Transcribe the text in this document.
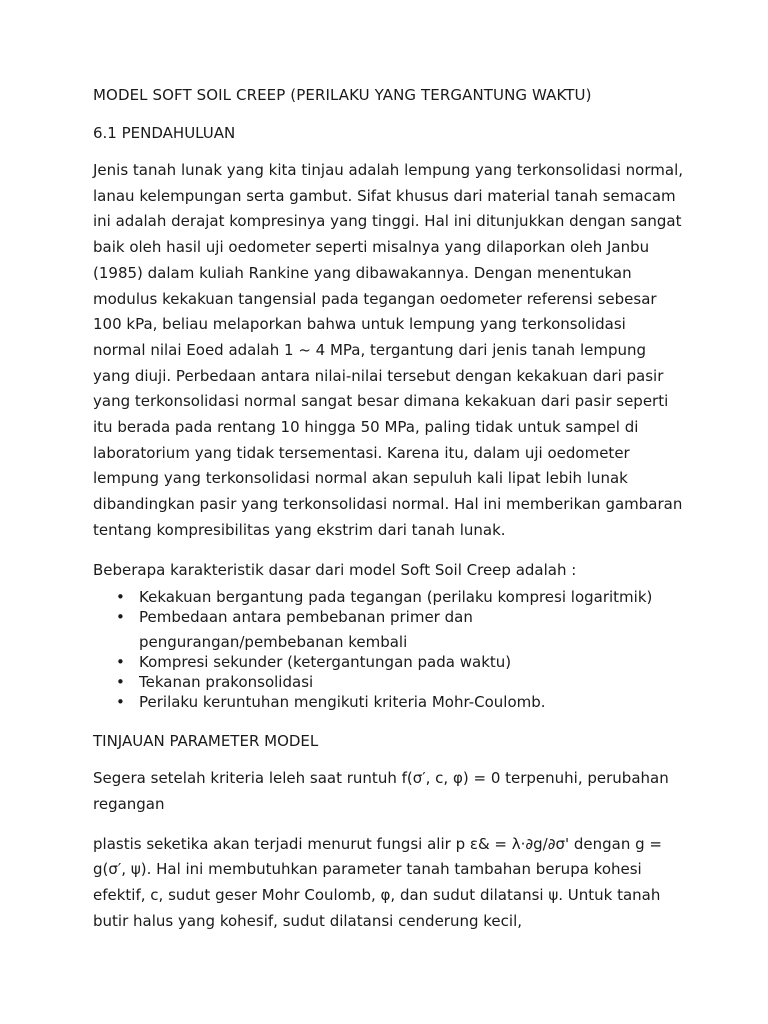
MODEL SOFT SOIL CREEP (PERILAKU YANG TERGANTUNG WAKTU)
6.1 PENDAHULUAN

Jenis tanah lunak yang kita tinjau adalah lempung yang terkonsolidasi normal, lanau kelempungan serta gambut. Sifat khusus dari material tanah semacam ini adalah derajat kompresinya yang tinggi. Hal ini ditunjukkan dengan sangat baik oleh hasil uji oedometer seperti misalnya yang dilaporkan oleh Janbu (1985) dalam kuliah Rankine yang dibawakannya. Dengan menentukan modulus kekakuan tangensial pada tegangan oedometer referensi sebesar 100 kPa, beliau melaporkan bahwa untuk lempung yang terkonsolidasi normal nilai Eoed adalah 1 ~ 4 MPa, tergantung dari jenis tanah lempung yang diuji. Perbedaan antara nilai-nilai tersebut dengan kekakuan dari pasir yang terkonsolidasi normal sangat besar dimana kekakuan dari pasir seperti itu berada pada rentang 10 hingga 50 MPa, paling tidak untuk sampel di laboratorium yang tidak tersementasi. Karena itu, dalam uji oedometer lempung yang terkonsolidasi normal akan sepuluh kali lipat lebih lunak dibandingkan pasir yang terkonsolidasi normal. Hal ini memberikan gambaran tentang kompresibilitas yang ekstrim dari tanah lunak.

Beberapa karakteristik dasar dari model Soft Soil Creep adalah :

• Kekakuan bergantung pada tegangan (perilaku kompresi logaritmik)
• Pembedaan antara pembebanan primer dan
pengurangan/pembebanan kembali
• Kompresi sekunder (ketergantungan pada waktu)
• Tekanan prakonsolidasi
• Perilaku keruntuhan mengikuti kriteria Mohr-Coulomb.
TINJAUAN PARAMETER MODEL

Segera setelah kriteria leleh saat runtuh f(σ′, c, φ) = 0 terpenuhi, perubahan regangan

plastis seketika akan terjadi menurut fungsi alir p ε& = λ·∂g/∂σ' dengan g = g(σ′, ψ). Hal ini membutuhkan parameter tanah tambahan berupa kohesi efektif, c, sudut geser Mohr Coulomb, φ, dan sudut dilatansi ψ. Untuk tanah butir halus yang kohesif, sudut dilatansi cenderung kecil,
